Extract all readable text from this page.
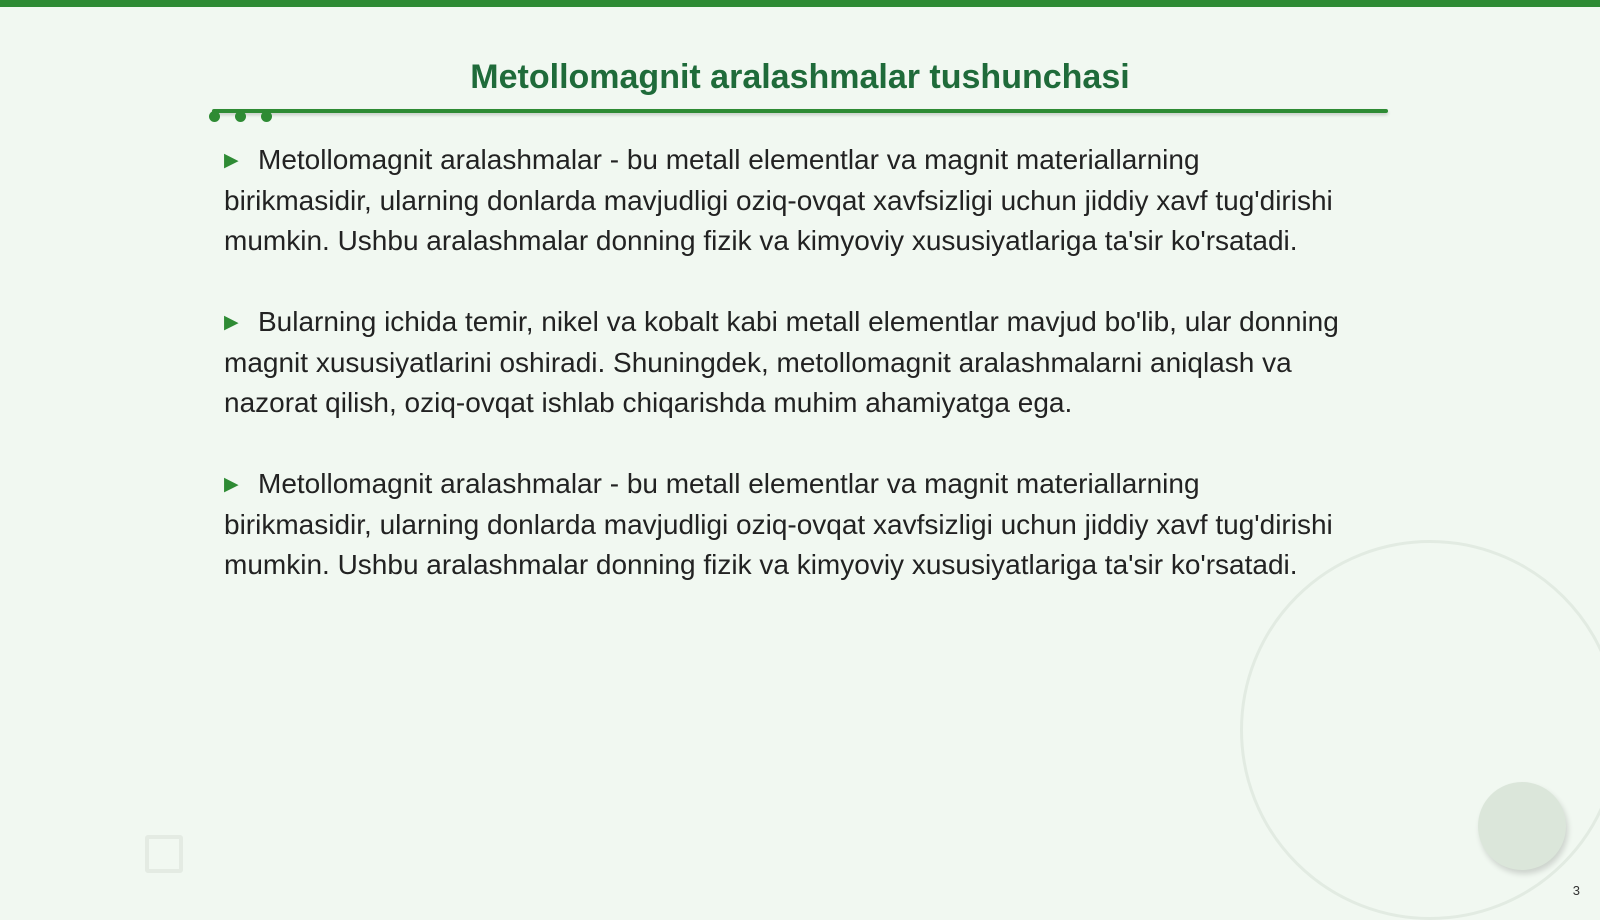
Metollomagnit aralashmalar tushunchasi

▶ Metollomagnit aralashmalar - bu metall elementlar va magnit materiallarning birikmasidir, ularning donlarda mavjudligi oziq-ovqat xavfsizligi uchun jiddiy xavf tug'dirishi mumkin. Ushbu aralashmalar donning fizik va kimyoviy xususiyatlariga ta'sir ko'rsatadi.

▶ Bularning ichida temir, nikel va kobalt kabi metall elementlar mavjud bo'lib, ular donning magnit xususiyatlarini oshiradi. Shuningdek, metollomagnit aralashmalarni aniqlash va nazorat qilish, oziq-ovqat ishlab chiqarishda muhim ahamiyatga ega.

▶ Metollomagnit aralashmalar - bu metall elementlar va magnit materiallarning birikmasidir, ularning donlarda mavjudligi oziq-ovqat xavfsizligi uchun jiddiy xavf tug'dirishi mumkin. Ushbu aralashmalar donning fizik va kimyoviy xususiyatlariga ta'sir ko'rsatadi.

3
